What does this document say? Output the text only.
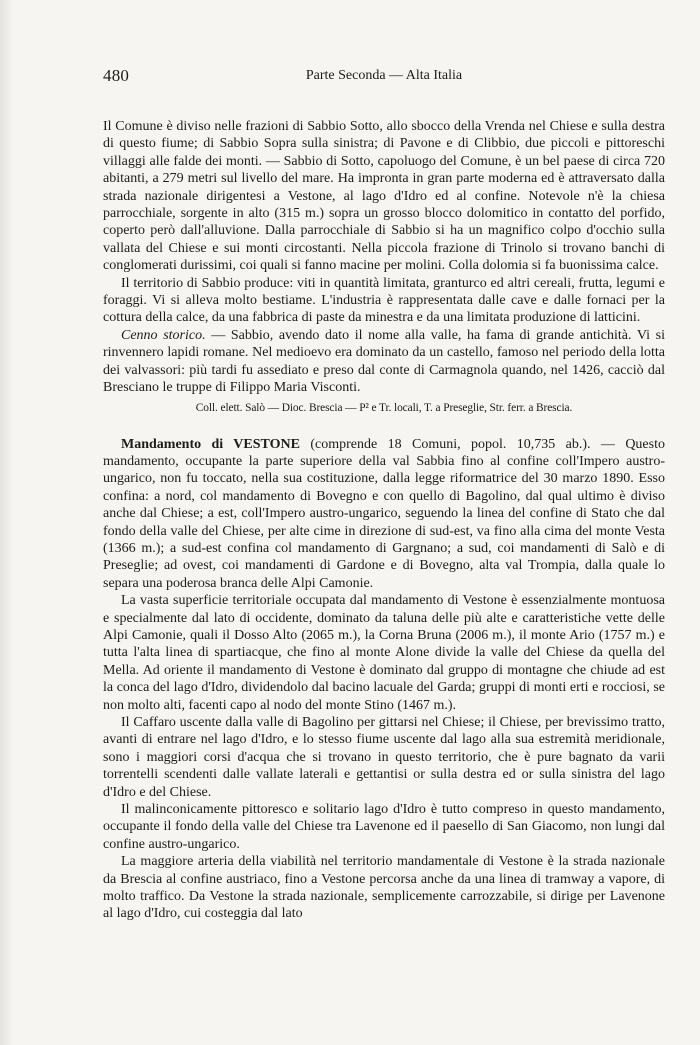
480	Parte Seconda — Alta Italia

Il Comune è diviso nelle frazioni di Sabbio Sotto, allo sbocco della Vrenda nel Chiese e sulla destra di questo fiume; di Sabbio Sopra sulla sinistra; di Pavone e di Clibbio, due piccoli e pittoreschi villaggi alle falde dei monti. — Sabbio di Sotto, capoluogo del Comune, è un bel paese di circa 720 abitanti, a 279 metri sul livello del mare. Ha impronta in gran parte moderna ed è attraversato dalla strada nazionale dirigentesi a Vestone, al lago d'Idro ed al confine. Notevole n'è la chiesa parrocchiale, sorgente in alto (315 m.) sopra un grosso blocco dolomitico in contatto del porfido, coperto però dall'alluvione. Dalla parrocchiale di Sabbio si ha un magnifico colpo d'occhio sulla vallata del Chiese e sui monti circostanti. Nella piccola frazione di Trinolo si trovano banchi di conglomerati durissimi, coi quali si fanno macine per molini. Colla dolomia si fa buonissima calce.

Il territorio di Sabbio produce: viti in quantità limitata, granturco ed altri cereali, frutta, legumi e foraggi. Vi si alleva molto bestiame. L'industria è rappresentata dalle cave e dalle fornaci per la cottura della calce, da una fabbrica di paste da minestra e da una limitata produzione di latticini.

Cenno storico. — Sabbio, avendo dato il nome alla valle, ha fama di grande antichità. Vi si rinvennero lapidi romane. Nel medioevo era dominato da un castello, famoso nel periodo della lotta dei valvassori: più tardi fu assediato e preso dal conte di Carmagnola quando, nel 1426, cacciò dal Bresciano le truppe di Filippo Maria Visconti.

Coll. elett. Salò — Dioc. Brescia — P² e Tr. locali, T. a Preseglie, Str. ferr. a Brescia.

Mandamento di VESTONE (comprende 18 Comuni, popol. 10,735 ab.). — Questo mandamento, occupante la parte superiore della val Sabbia fino al confine coll'Impero austro-ungarico, non fu toccato, nella sua costituzione, dalla legge riformatrice del 30 marzo 1890. Esso confina: a nord, col mandamento di Bovegno e con quello di Bagolino, dal qual ultimo è diviso anche dal Chiese; a est, coll'Impero austro-ungarico, seguendo la linea del confine di Stato che dal fondo della valle del Chiese, per alte cime in direzione di sud-est, va fino alla cima del monte Vesta (1366 m.); a sud-est confina col mandamento di Gargnano; a sud, coi mandamenti di Salò e di Preseglie; ad ovest, coi mandamenti di Gardone e di Bovegno, alta val Trompia, dalla quale lo separa una poderosa branca delle Alpi Camonie.

La vasta superficie territoriale occupata dal mandamento di Vestone è essenzialmente montuosa e specialmente dal lato di occidente, dominato da taluna delle più alte e caratteristiche vette delle Alpi Camonie, quali il Dosso Alto (2065 m.), la Corna Bruna (2006 m.), il monte Ario (1757 m.) e tutta l'alta linea di spartiacque, che fino al monte Alone divide la valle del Chiese da quella del Mella. Ad oriente il mandamento di Vestone è dominato dal gruppo di montagne che chiude ad est la conca del lago d'Idro, dividendolo dal bacino lacuale del Garda; gruppi di monti erti e rocciosi, se non molto alti, facenti capo al nodo del monte Stino (1467 m.).

Il Caffaro uscente dalla valle di Bagolino per gittarsi nel Chiese; il Chiese, per brevissimo tratto, avanti di entrare nel lago d'Idro, e lo stesso fiume uscente dal lago alla sua estremità meridionale, sono i maggiori corsi d'acqua che si trovano in questo territorio, che è pure bagnato da varii torrentelli scendenti dalle vallate laterali e gettantisi or sulla destra ed or sulla sinistra del lago d'Idro e del Chiese.

Il malinconicamente pittoresco e solitario lago d'Idro è tutto compreso in questo mandamento, occupante il fondo della valle del Chiese tra Lavenone ed il paesello di San Giacomo, non lungi dal confine austro-ungarico.

La maggiore arteria della viabilità nel territorio mandamentale di Vestone è la strada nazionale da Brescia al confine austriaco, fino a Vestone percorsa anche da una linea di tramway a vapore, di molto traffico. Da Vestone la strada nazionale, semplicemente carrozzabile, si dirige per Lavenone al lago d'Idro, cui costeggia dal lato
